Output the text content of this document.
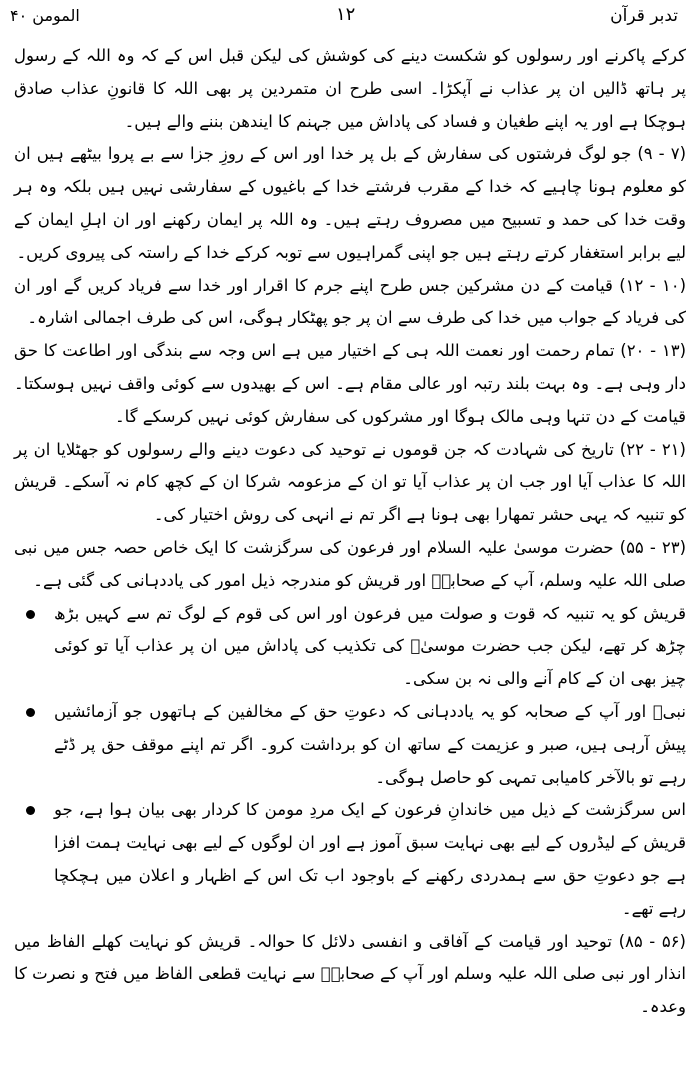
تدبر قرآن
۱۲
المومن ۴۰

کرکے پاکرنے اور رسولوں کو شکست دینے کی کوشش کی لیکن قبل اس کے کہ وہ اللہ کے رسول پر ہاتھ ڈالیں ان پر عذاب نے آپکڑا۔ اسی طرح ان متمردین پر بھی اللہ کا قانونِ عذاب صادق ہوچکا ہے اور یہ اپنے طغیان و فساد کی پاداش میں جہنم کا ایندھن بننے والے ہیں۔

(۷ - ۹) جو لوگ فرشتوں کی سفارش کے بل پر خدا اور اس کے روزِ جزا سے بے پروا بیٹھے ہیں ان کو معلوم ہونا چاہیے کہ خدا کے مقرب فرشتے خدا کے باغیوں کے سفارشی نہیں ہیں بلکہ وہ ہر وقت خدا کی حمد و تسبیح میں مصروف رہتے ہیں۔ وہ اللہ پر ایمان رکھنے اور ان اہلِ ایمان کے لیے برابر استغفار کرتے رہتے ہیں جو اپنی گمراہیوں سے توبہ کرکے خدا کے راستہ کی پیروی کریں۔

(۱۰ - ۱۲) قیامت کے دن مشرکین جس طرح اپنے جرم کا اقرار اور خدا سے فریاد کریں گے اور ان کی فریاد کے جواب میں خدا کی طرف سے ان پر جو پھٹکار ہوگی، اس کی طرف اجمالی اشارہ۔

(۱۳ - ۲۰) تمام رحمت اور نعمت اللہ ہی کے اختیار میں ہے اس وجہ سے بندگی اور اطاعت کا حق دار وہی ہے۔ وہ بہت بلند رتبہ اور عالی مقام ہے۔ اس کے بھیدوں سے کوئی واقف نہیں ہوسکتا۔ قیامت کے دن تنہا وہی مالک ہوگا اور مشرکوں کی سفارش کوئی نہیں کرسکے گا۔

(۲۱ - ۲۲) تاریخ کی شہادت کہ جن قوموں نے توحید کی دعوت دینے والے رسولوں کو جھٹلایا ان پر اللہ کا عذاب آیا اور جب ان پر عذاب آیا تو ان کے مزعومہ شرکا ان کے کچھ کام نہ آسکے۔ قریش کو تنبیہ کہ یہی حشر تمھارا بھی ہونا ہے اگر تم نے انہی کی روش اختیار کی۔

(۲۳ - ۵۵) حضرت موسیٰ علیہ السلام اور فرعون کی سرگزشت کا ایک خاص حصہ جس میں نبی صلی اللہ علیہ وسلم، آپ کے صحابہؓ اور قریش کو مندرجہ ذیل امور کی یاددہانی کی گئی ہے۔

قریش کو یہ تنبیہ کہ قوت و صولت میں فرعون اور اس کی قوم کے لوگ تم سے کہیں بڑھ چڑھ کر تھے، لیکن جب حضرت موسیٰؑ کی تکذیب کی پاداش میں ان پر عذاب آیا تو کوئی چیز بھی ان کے کام آنے والی نہ بن سکی۔
نبیؐ اور آپ کے صحابہ کو یہ یاددہانی کہ دعوتِ حق کے مخالفین کے ہاتھوں جو آزمائشیں پیش آرہی ہیں، صبر و عزیمت کے ساتھ ان کو برداشت کرو۔ اگر تم اپنے موقف حق پر ڈٹے رہے تو بالآخر کامیابی تمہی کو حاصل ہوگی۔
اس سرگزشت کے ذیل میں خاندانِ فرعون کے ایک مردِ مومن کا کردار بھی بیان ہوا ہے، جو قریش کے لیڈروں کے لیے بھی نہایت سبق آموز ہے اور ان لوگوں کے لیے بھی نہایت ہمت افزا ہے جو دعوتِ حق سے ہمدردی رکھنے کے باوجود اب تک اس کے اظہار و اعلان میں ہچکچا رہے تھے۔

(۵۶ - ۸۵) توحید اور قیامت کے آفاقی و انفسی دلائل کا حوالہ۔ قریش کو نہایت کھلے الفاظ میں انذار اور نبی صلی اللہ علیہ وسلم اور آپ کے صحابہؓ سے نہایت قطعی الفاظ میں فتح و نصرت کا وعدہ۔
